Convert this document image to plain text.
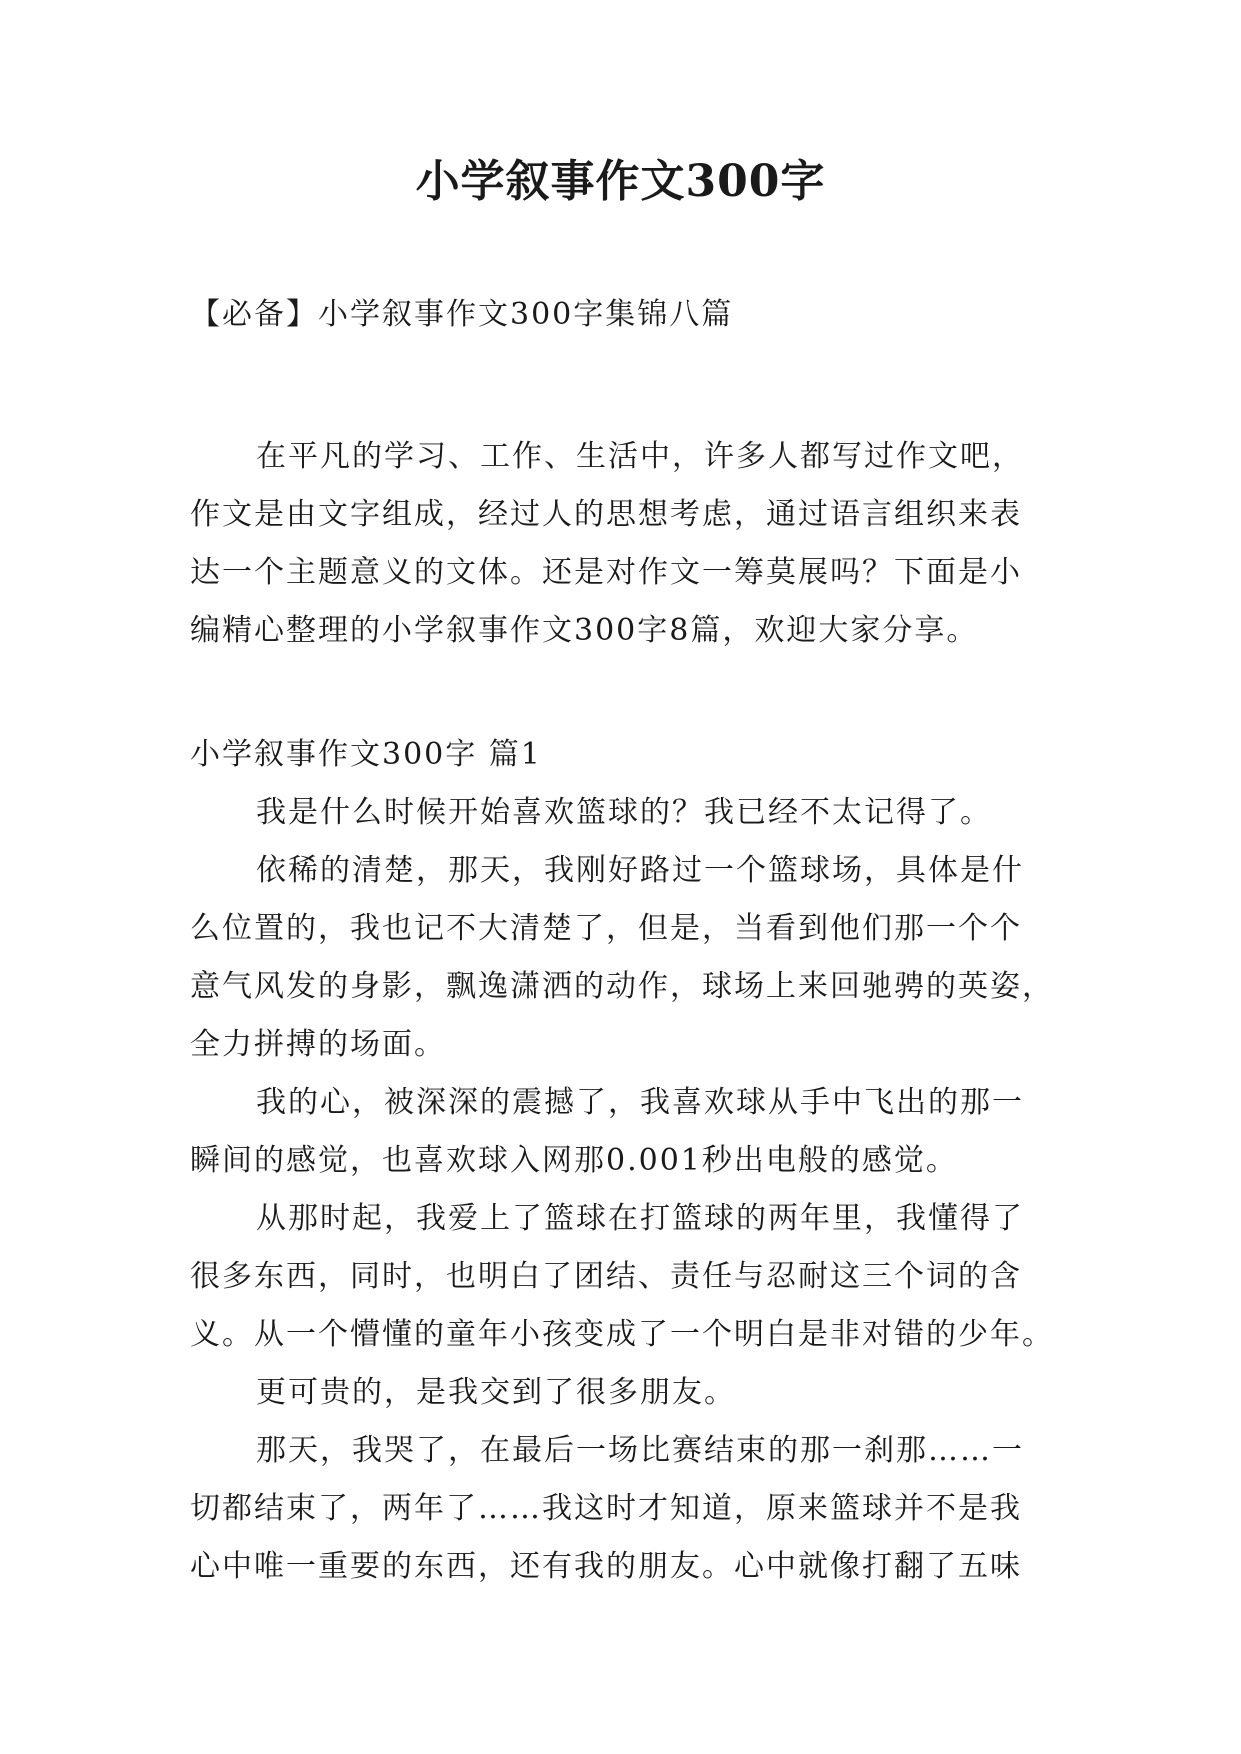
小学叙事作文300字
【必备】小学叙事作文300字集锦八篇
在平凡的学习、工作、生活中，许多人都写过作文吧，
作文是由文字组成，经过人的思想考虑，通过语言组织来表
达一个主题意义的文体。还是对作文一筹莫展吗？下面是小
编精心整理的小学叙事作文300字8篇，欢迎大家分享。
小学叙事作文300字 篇1
我是什么时候开始喜欢篮球的？我已经不太记得了。
依稀的清楚，那天，我刚好路过一个篮球场，具体是什
么位置的，我也记不大清楚了，但是，当看到他们那一个个
意气风发的身影，飘逸潇洒的动作，球场上来回驰骋的英姿，
全力拼搏的场面。
我的心，被深深的震撼了，我喜欢球从手中飞出的那一
瞬间的感觉，也喜欢球入网那0.001秒出电般的感觉。
从那时起，我爱上了篮球在打篮球的两年里，我懂得了
很多东西，同时，也明白了团结、责任与忍耐这三个词的含
义。从一个懵懂的童年小孩变成了一个明白是非对错的少年。
更可贵的，是我交到了很多朋友。
那天，我哭了，在最后一场比赛结束的那一刹那……一
切都结束了，两年了……我这时才知道，原来篮球并不是我
心中唯一重要的东西，还有我的朋友。心中就像打翻了五味
